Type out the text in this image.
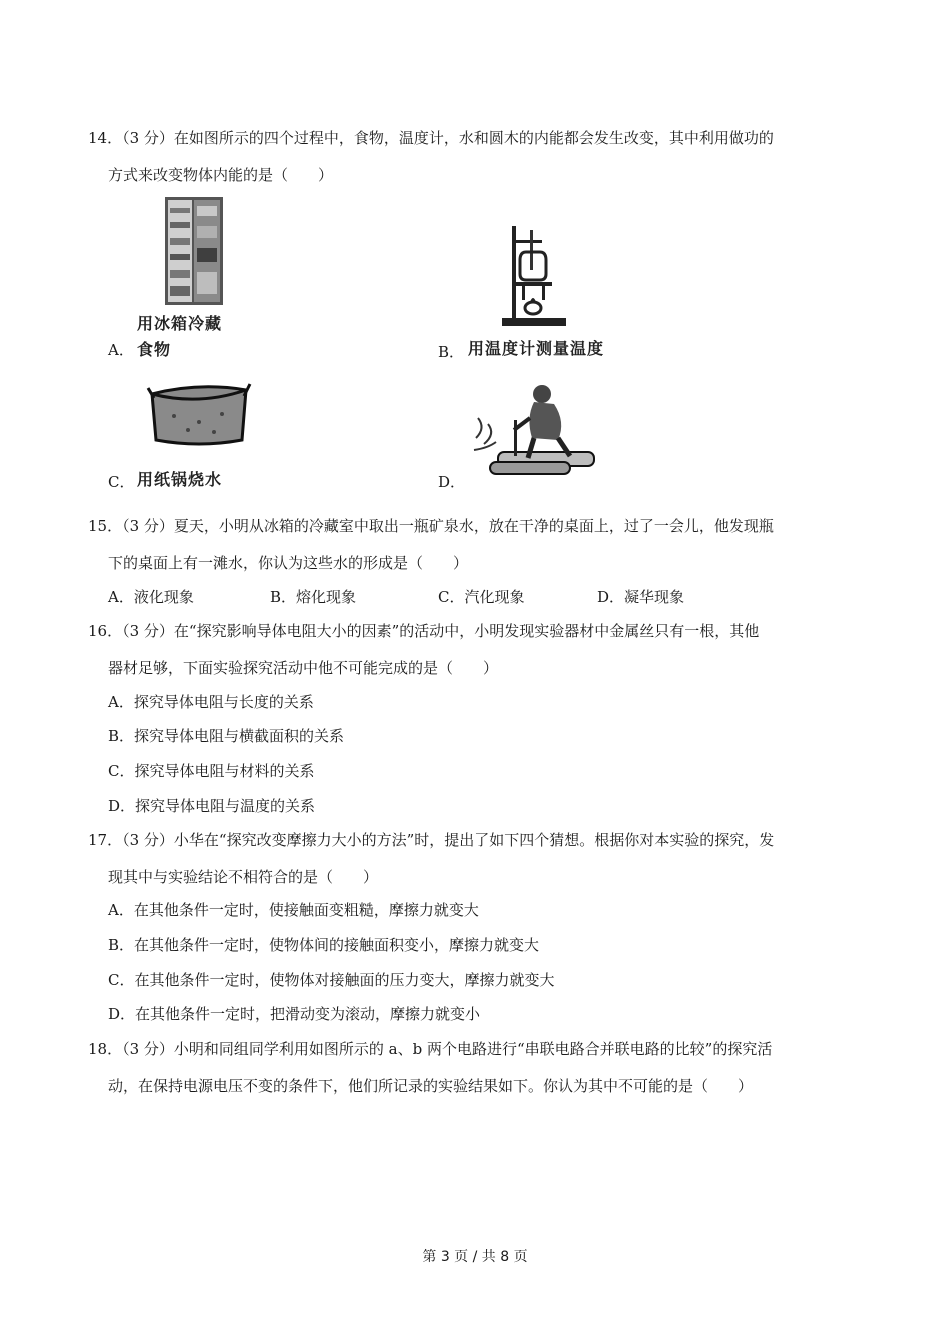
14．（3 分）在如图所示的四个过程中，食物，温度计，水和圆木的内能都会发生改变，其中利用做功的
方式来改变物体内能的是（　　）
用冰箱冷藏
A． 食物	B． 用温度计测量温度
C． 用纸锅烧水	D．
15．（3 分）夏天，小明从冰箱的冷藏室中取出一瓶矿泉水，放在干净的桌面上，过了一会儿，他发现瓶
下的桌面上有一滩水，你认为这些水的形成是（　　）
A．液化现象	B．熔化现象	C．汽化现象	D．凝华现象
16．（3 分）在“探究影响导体电阻大小的因素”的活动中，小明发现实验器材中金属丝只有一根，其他
器材足够，下面实验探究活动中他不可能完成的是（　　）
A．探究导体电阻与长度的关系
B．探究导体电阻与横截面积的关系
C．探究导体电阻与材料的关系
D．探究导体电阻与温度的关系
17．（3 分）小华在“探究改变摩擦力大小的方法”时，提出了如下四个猜想。根据你对本实验的探究，发
现其中与实验结论不相符合的是（　　）
A．在其他条件一定时，使接触面变粗糙，摩擦力就变大
B．在其他条件一定时，使物体间的接触面积变小，摩擦力就变大
C．在其他条件一定时，使物体对接触面的压力变大，摩擦力就变大
D．在其他条件一定时，把滑动变为滚动，摩擦力就变小
18．（3 分）小明和同组同学利用如图所示的 a、b 两个电路进行“串联电路合并联电路的比较”的探究活
动，在保持电源电压不变的条件下，他们所记录的实验结果如下。你认为其中不可能的是（　　）
第 3 页 / 共 8 页
